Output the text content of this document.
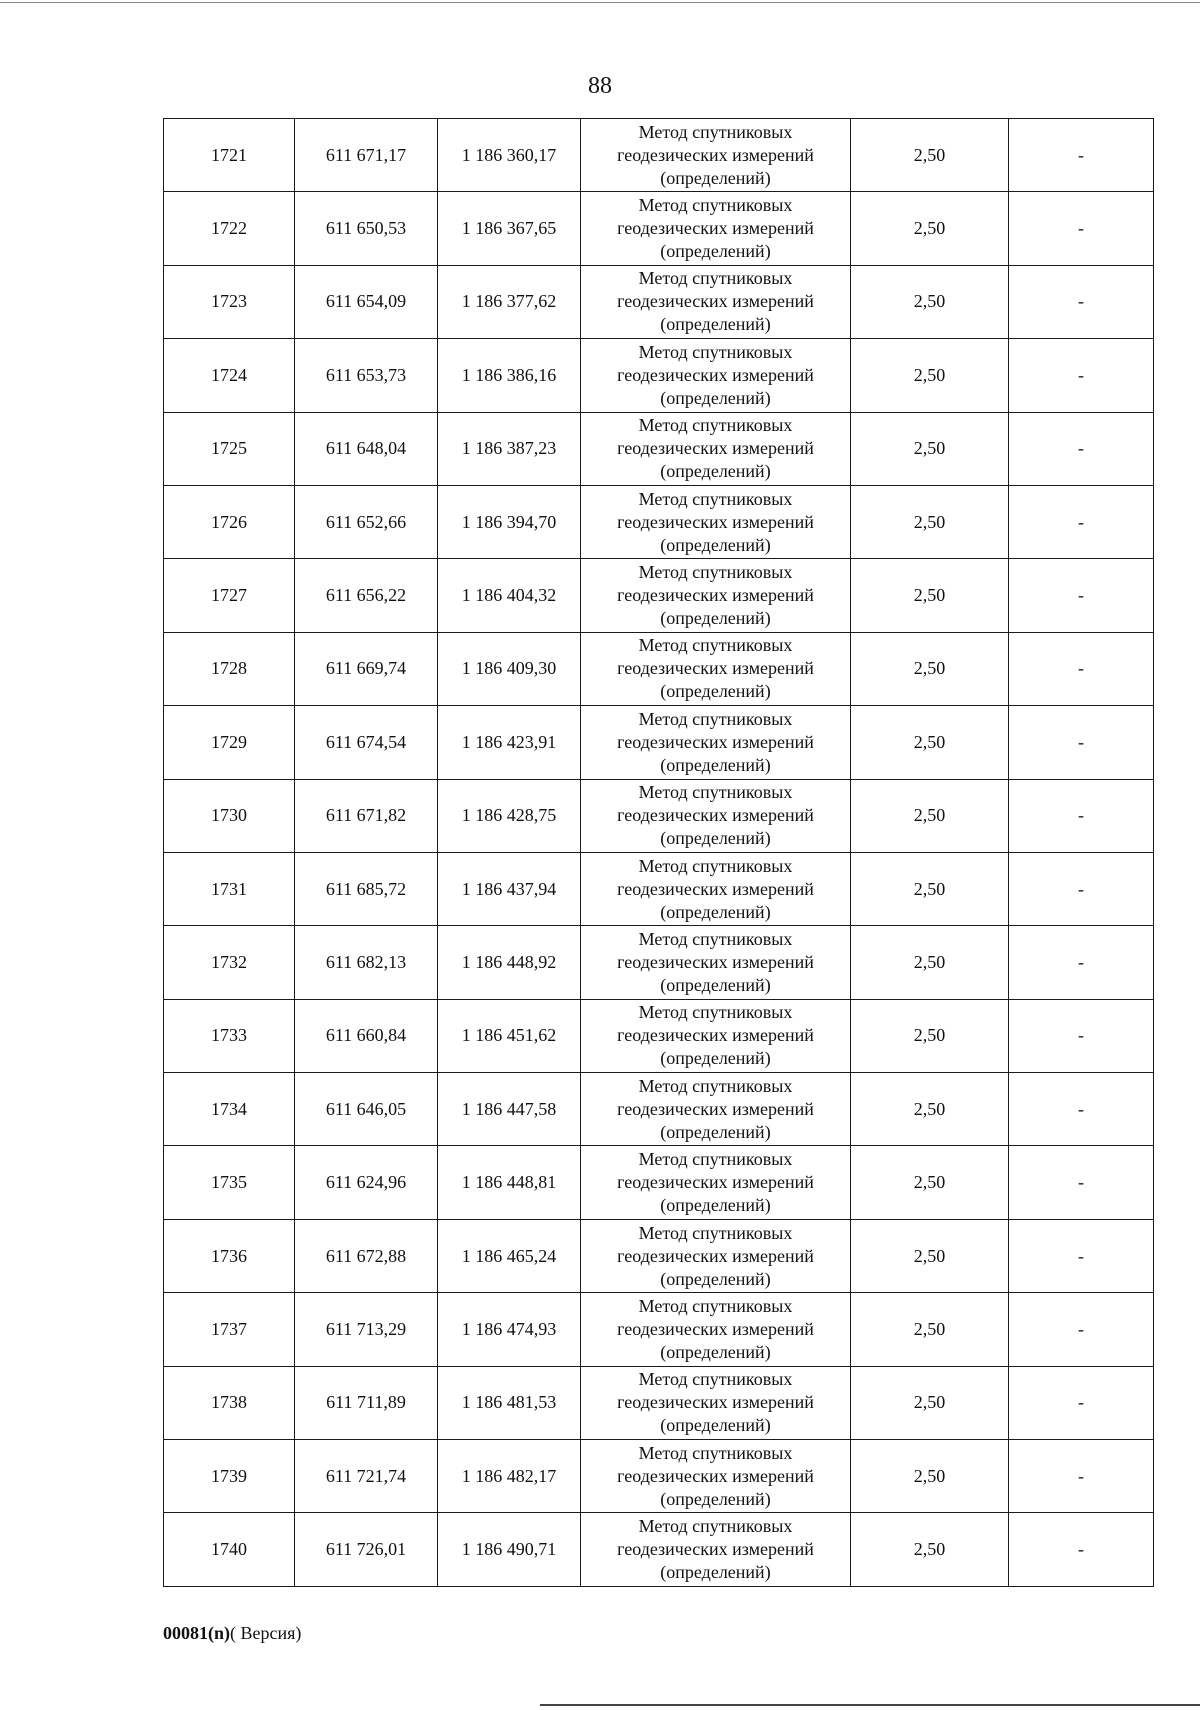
88
1721	611 671,17	1 186 360,17	Метод спутниковых
геодезических измерений
(определений)	2,50	-
1722	611 650,53	1 186 367,65	Метод спутниковых
геодезических измерений
(определений)	2,50	-
1723	611 654,09	1 186 377,62	Метод спутниковых
геодезических измерений
(определений)	2,50	-
1724	611 653,73	1 186 386,16	Метод спутниковых
геодезических измерений
(определений)	2,50	-
1725	611 648,04	1 186 387,23	Метод спутниковых
геодезических измерений
(определений)	2,50	-
1726	611 652,66	1 186 394,70	Метод спутниковых
геодезических измерений
(определений)	2,50	-
1727	611 656,22	1 186 404,32	Метод спутниковых
геодезических измерений
(определений)	2,50	-
1728	611 669,74	1 186 409,30	Метод спутниковых
геодезических измерений
(определений)	2,50	-
1729	611 674,54	1 186 423,91	Метод спутниковых
геодезических измерений
(определений)	2,50	-
1730	611 671,82	1 186 428,75	Метод спутниковых
геодезических измерений
(определений)	2,50	-
1731	611 685,72	1 186 437,94	Метод спутниковых
геодезических измерений
(определений)	2,50	-
1732	611 682,13	1 186 448,92	Метод спутниковых
геодезических измерений
(определений)	2,50	-
1733	611 660,84	1 186 451,62	Метод спутниковых
геодезических измерений
(определений)	2,50	-
1734	611 646,05	1 186 447,58	Метод спутниковых
геодезических измерений
(определений)	2,50	-
1735	611 624,96	1 186 448,81	Метод спутниковых
геодезических измерений
(определений)	2,50	-
1736	611 672,88	1 186 465,24	Метод спутниковых
геодезических измерений
(определений)	2,50	-
1737	611 713,29	1 186 474,93	Метод спутниковых
геодезических измерений
(определений)	2,50	-
1738	611 711,89	1 186 481,53	Метод спутниковых
геодезических измерений
(определений)	2,50	-
1739	611 721,74	1 186 482,17	Метод спутниковых
геодезических измерений
(определений)	2,50	-
1740	611 726,01	1 186 490,71	Метод спутниковых
геодезических измерений
(определений)	2,50	-
00081(n)( Версия)
